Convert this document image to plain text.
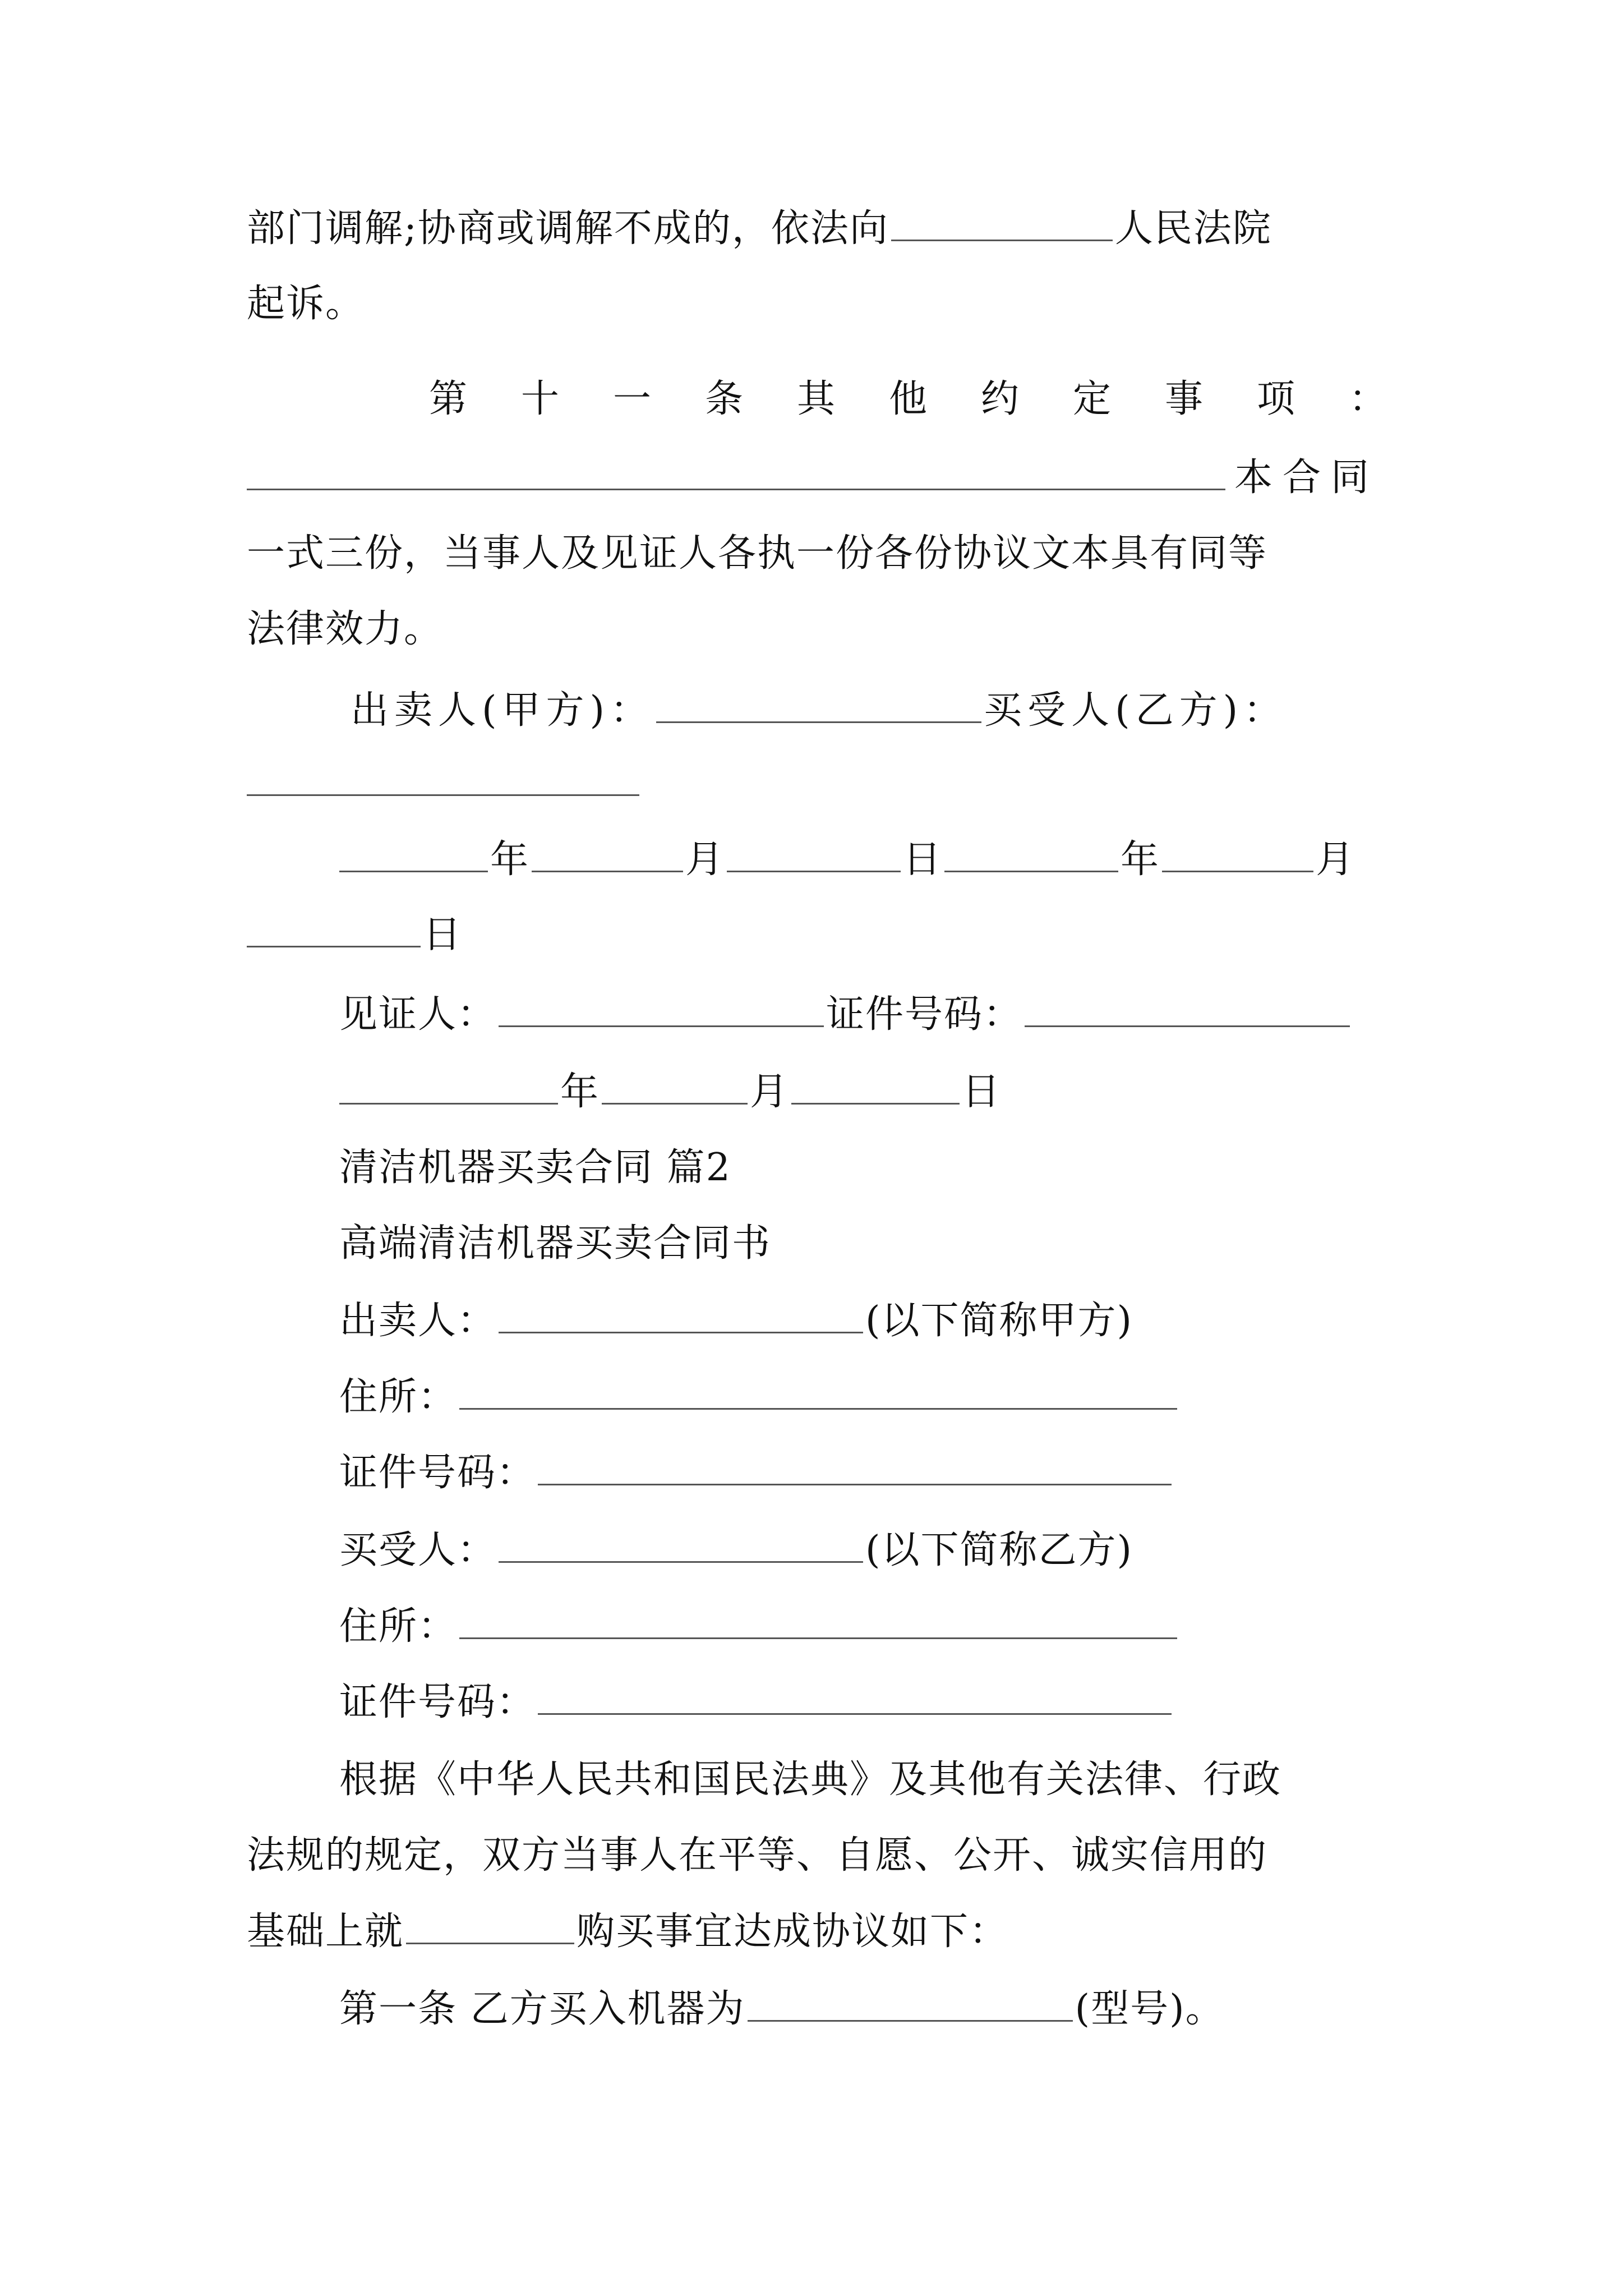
部门调解;协商或调解不成的，依法向	人民法院
起诉。
第十一条其他约定事项：
本合同
一式三份，当事人及见证人各执一份各份协议文本具有同等
法律效力。
出卖人(甲方)：	买受人(乙方)：
年	月	日	年	月
日
见证人：	证件号码：
年	月	日
清洁机器买卖合同 篇2
高端清洁机器买卖合同书
出卖人：	(以下简称甲方)
住所：
证件号码：
买受人：	(以下简称乙方)
住所：
证件号码：
根据《中华人民共和国民法典》及其他有关法律、行政
法规的规定，双方当事人在平等、自愿、公开、诚实信用的
基础上就	购买事宜达成协议如下：
第一条 乙方买入机器为	(型号)。
